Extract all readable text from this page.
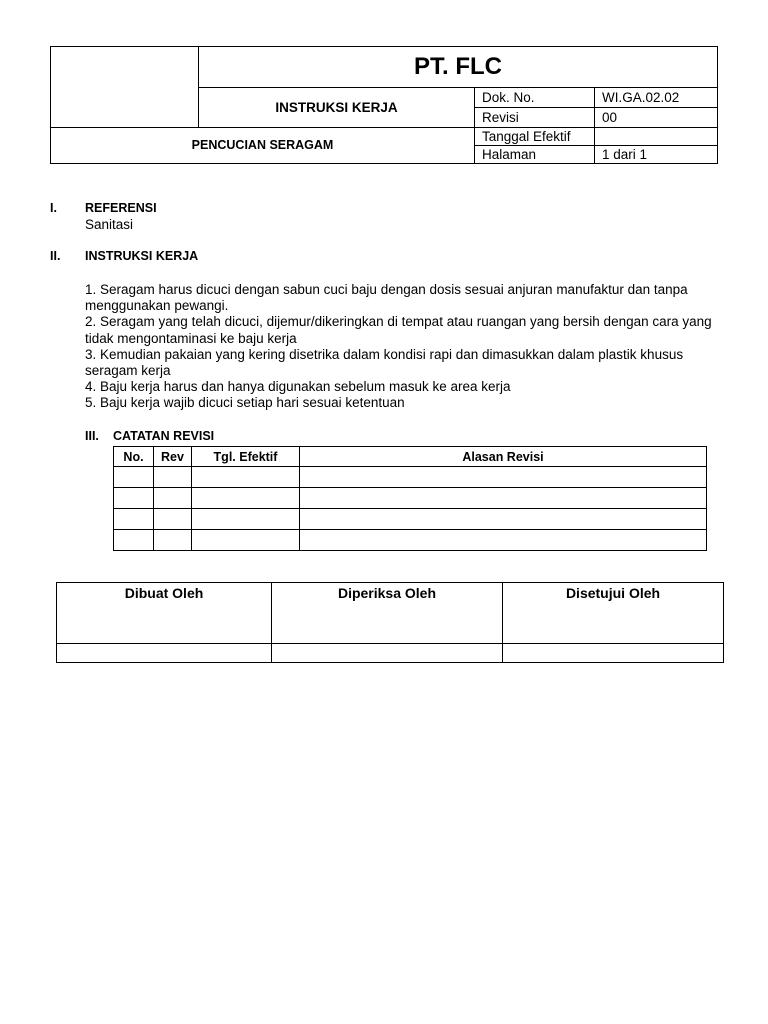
PT. FLC
INSTRUKSI KERJA
PENCUCIAN SERAGAM
Dok. No.	WI.GA.02.02
Revisi	00
Tanggal Efektif
Halaman	1 dari 1
I. REFERENSI
Sanitasi
II. INSTRUKSI KERJA

1. Seragam harus dicuci dengan sabun cuci baju dengan dosis sesuai anjuran manufaktur dan tanpa menggunakan pewangi.

2. Seragam yang telah dicuci, dijemur/dikeringkan di tempat atau ruangan yang bersih dengan cara yang tidak mengontaminasi ke baju kerja

3. Kemudian pakaian yang kering disetrika dalam kondisi rapi dan dimasukkan dalam plastik khusus seragam kerja

4. Baju kerja harus dan hanya digunakan sebelum masuk ke area kerja

5. Baju kerja wajib dicuci setiap hari sesuai ketentuan

III. CATATAN REVISI
No.	Rev	Tgl. Efektif	Alasan Revisi

Dibuat Oleh	Diperiksa Oleh	Disetujui Oleh
